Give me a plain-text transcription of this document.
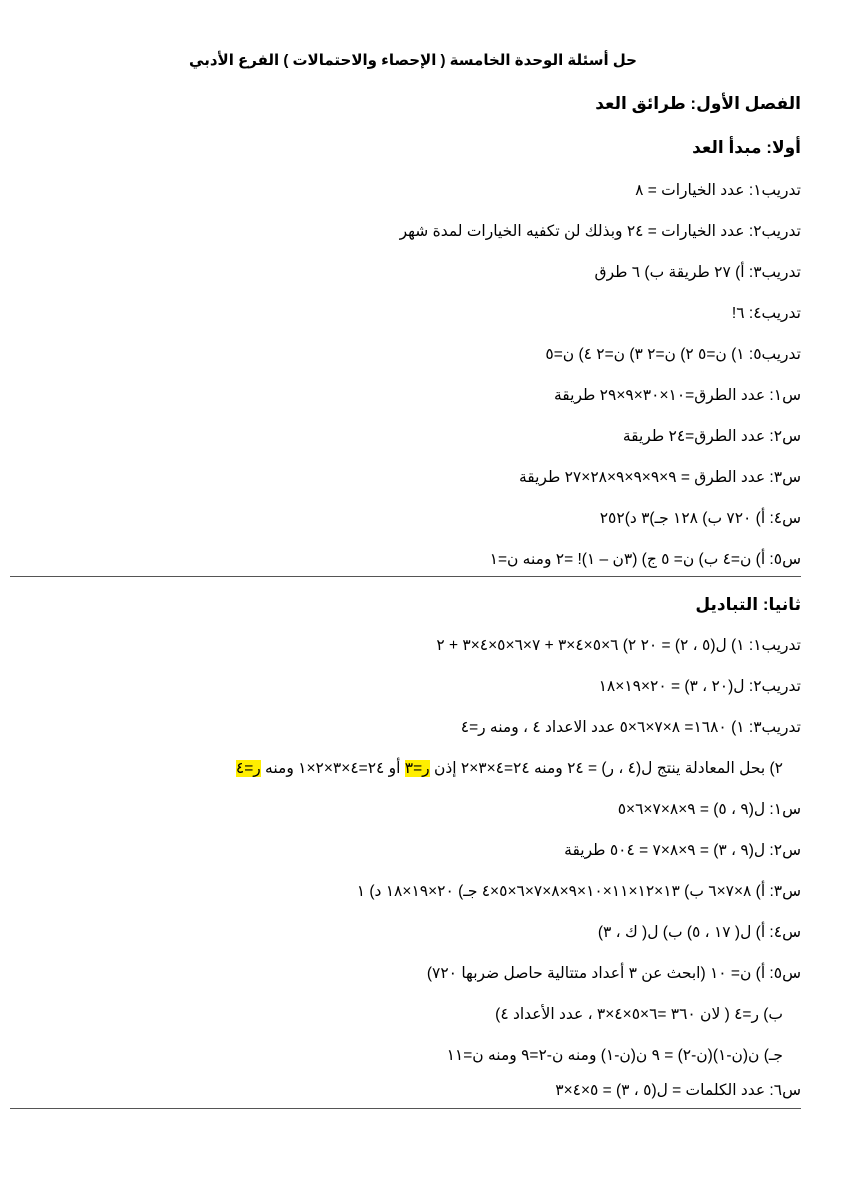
حل أسئلة الوحدة الخامسة ( الإحصاء والاحتمالات ) الفرع الأدبي
الفصل الأول: طرائق العد
أولا: مبدأ العد
تدريب١: عدد الخيارات = ٨
تدريب٢: عدد الخيارات = ٢٤ وبذلك لن تكفيه الخيارات لمدة شهر
تدريب٣: أ) ٢٧ طريقة ب) ٦ طرق
تدريب٤: ٦!
تدريب٥: ١) ن=٥ ٢) ن=٢ ٣) ن=٢ ٤) ن=٥
س١: عدد الطرق=١٠×٣٠×٩×٢٩ طريقة
س٢: عدد الطرق=٢٤ طريقة
س٣: عدد الطرق = ٩×٩×٩×٩×٢٨×٢٧ طريقة
س٤: أ) ٧٢٠ ب) ١٢٨ جـ)٣ د)٢٥٢
س٥: أ) ن=٤ ب) ن= ٥ ج) (٣ن – ١)! =٢ ومنه ن=١
ثانيا: التباديل
تدريب١: ١) ل(٥ ، ٢) = ٢٠ ٢) ٦×٥×٤×٣ + ٧×٦×٥×٤×٣ + ٢
تدريب٢: ل(٢٠ ، ٣) = ٢٠×١٩×١٨
تدريب٣: ١) ١٦٨٠= ٨×٧×٦×٥ عدد الاعداد ٤ ، ومنه ر=٤
٢) بحل المعادلة ينتج ل(٤ ، ر) = ٢٤ ومنه ٢٤=٤×٣×٢ إذن ر=٣ أو ٢٤=٤×٣×٢×١ ومنه ر=٤
س١: ل(٩ ، ٥) = ٩×٨×٧×٦×٥
س٢: ل(٩ ، ٣) = ٩×٨×٧ = ٥٠٤ طريقة
س٣: أ) ٨×٧×٦ ب) ١٣×١٢×١١×١٠×٩×٨×٧×٦×٥×٤ جـ) ٢٠×١٩×١٨ د) ١
س٤: أ) ل( ١٧ ، ٥) ب) ل( ك ، ٣)
س٥: أ) ن= ١٠ (ابحث عن ٣ أعداد متتالية حاصل ضربها ٧٢٠)
ب) ر=٤ ( لان ٣٦٠ =٦×٥×٤×٣ ، عدد الأعداد ٤)
جـ) ن(ن-١)(ن-٢) = ٩ ن(ن-١) ومنه ن-٢=٩ ومنه ن=١١
س٦: عدد الكلمات = ل(٥ ، ٣) = ٥×٤×٣
